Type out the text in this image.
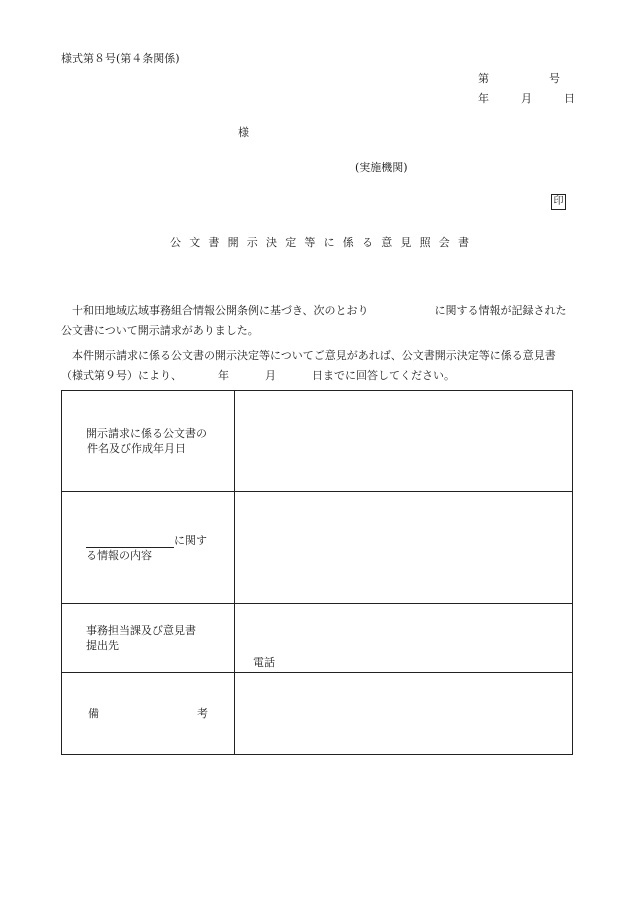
様式第８号(第４条関係)
第	号
年	月	日
様
(実施機関)
印
公文書開示決定等に係る意見照会書
十和田地域広域事務組合情報公開条例に基づき、次のとおり	に関する情報が記録された公文書について開示請求がありました。
本件開示請求に係る公文書の開示決定等についてご意見があれば、公文書開示決定等に係る意見書（様式第９号）により、	年	月	日までに回答してください。
開示請求に係る公文書の
件名及び作成年月日	

に関す
る情報の内容	

事務担当課及び意見書
提出先	電話

備 考	
